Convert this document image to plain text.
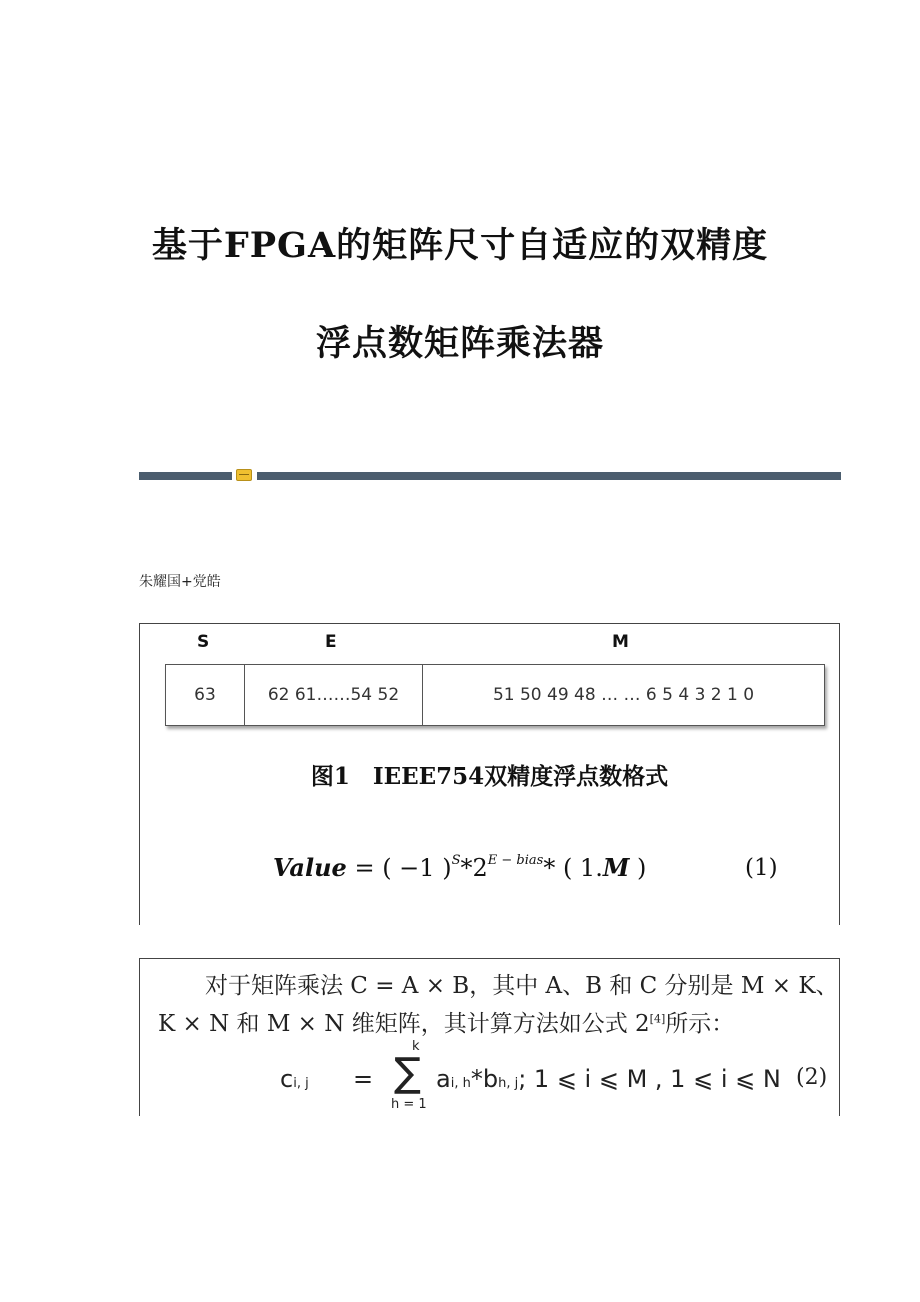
基于FPGA的矩阵尺寸自适应的双精度
浮点数矩阵乘法器
朱耀国+党皓
S	E	M
63	62 61……54 52	51 50 49 48 … … 6 5 4 3 2 1 0
图1　IEEE754双精度浮点数格式
Value = ( −1 )$^S*2^{E - bias}*$ ( 1.M )	(1)
对于矩阵乘法 C = A × B，其中 A、B 和 C 分别是 M × K、
K × N 和 M × N 维矩阵，其计算方法如公式 2[4]所示：
ci, j =
k
∑
h = 1
ai, h*bh, j; 1 ⩽ i ⩽ M , 1 ⩽ i ⩽ N (2)
